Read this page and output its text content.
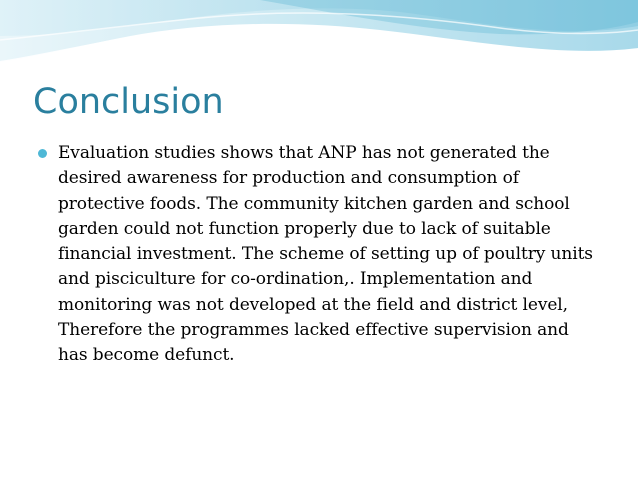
Conclusion
Evaluation studies shows that ANP has not generated the desired awareness for production and consumption of protective foods. The community kitchen garden and school garden could not function properly due to lack of suitable financial investment. The scheme of setting up of poultry units and pisciculture for co-ordination,. Implementation and monitoring was not developed at the field and district level, Therefore the programmes lacked effective supervision and has become defunct.
